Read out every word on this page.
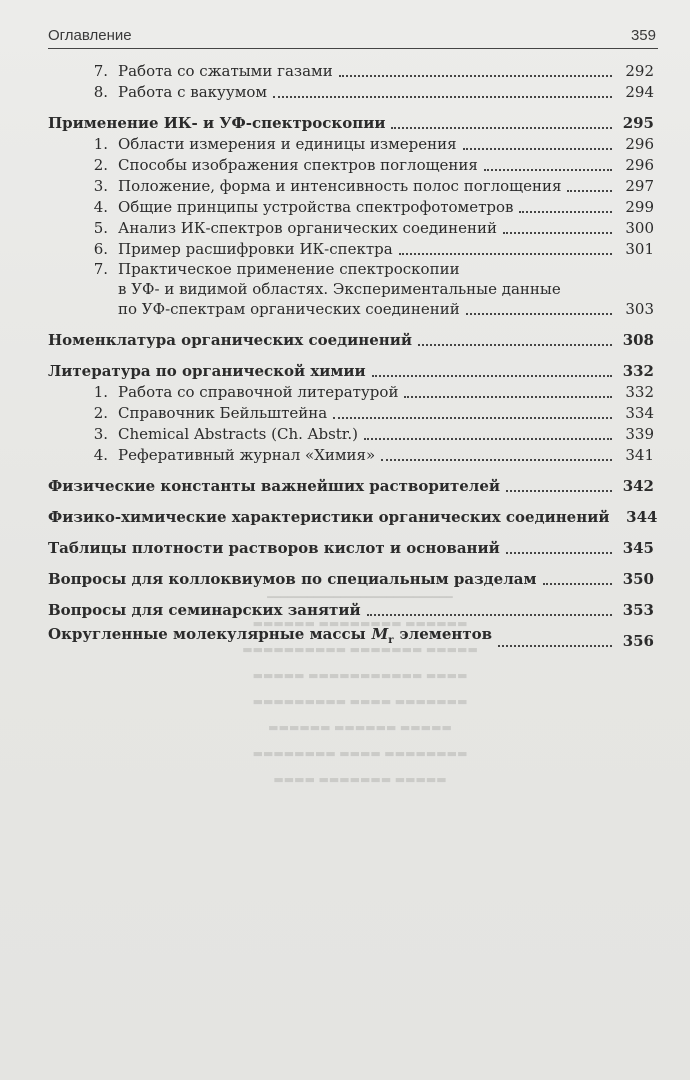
Оглавление	359
━━━━━━━━━━━━━━━━━━━━━━━━━━━━
▬▬▬▬▬▬ ▬▬▬▬▬▬▬▬ ▬▬▬▬▬▬
▬▬▬▬▬ ▬▬▬▬▬▬▬ ▬▬▬▬▬▬▬▬▬▬
▬▬▬▬ ▬▬▬▬▬▬▬▬▬▬▬ ▬▬▬▬▬
▬▬▬▬▬▬▬ ▬▬▬▬ ▬▬▬▬▬▬▬▬▬
▬▬▬▬▬ ▬▬▬▬▬▬ ▬▬▬▬▬▬
▬▬▬▬▬▬▬▬ ▬▬▬▬ ▬▬▬▬▬▬▬▬
▬▬▬▬▬ ▬▬▬▬▬▬▬ ▬▬▬▬
7. Работа со сжатыми газами	292
8. Работа с вакуумом	294
Применение ИК- и УФ-спектроскопии	295
1. Области измерения и единицы измерения	296
2. Способы изображения спектров поглощения	296
3. Положение, форма и интенсивность полос поглощения	297
4. Общие принципы устройства спектрофотометров	299
5. Анализ ИК-спектров органических соединений	300
6. Пример расшифровки ИК-спектра	301
7. Практическое применение спектроскопии
в УФ- и видимой областях. Экспериментальные данные
по УФ-спектрам органических соединений	303
Номенклатура органических соединений	308
Литература по органической химии	332
1. Работа со справочной литературой	332
2. Справочник Бейльштейна	334
3. Chemical Abstracts (Ch. Abstr.)	339
4. Реферативный журнал «Химия»	341
Физические константы важнейших растворителей	342
Физико-химические характеристики органических соединений	344
Таблицы плотности растворов кислот и оснований	345
Вопросы для коллоквиумов по специальным разделам	350
Вопросы для семинарских занятий	353
Округленные молекулярные массы $M_r$ элементов	356
